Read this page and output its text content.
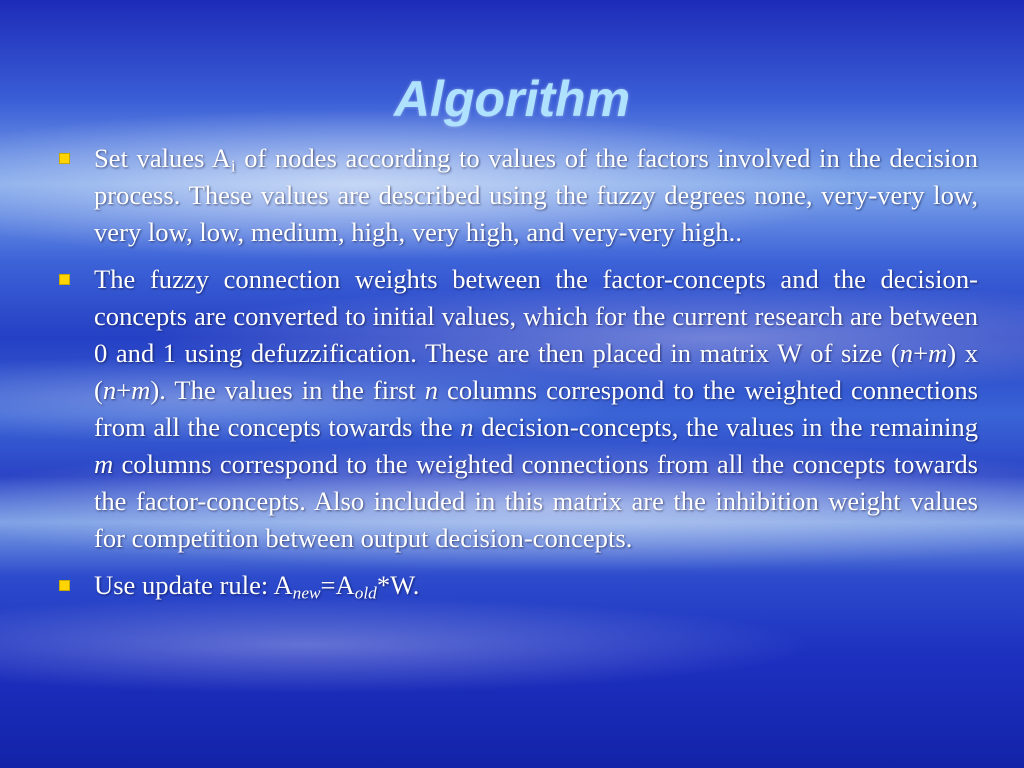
Algorithm
Set values $A_i$ of nodes according to values of the factors involved in the decision process. These values are described using the fuzzy degrees none, very-very low, very low, low, medium, high, very high, and very-very high..
The fuzzy connection weights between the factor-concepts and the decision-concepts are converted to initial values, which for the current research are between 0 and 1 using defuzzification. These are then placed in matrix W of size (n+m) x (n+m). The values in the first n columns correspond to the weighted connections from all the concepts towards the n decision-concepts, the values in the remaining m columns correspond to the weighted connections from all the concepts towards the factor-concepts. Also included in this matrix are the inhibition weight values for competition between output decision-concepts.
Use update rule: $A_{new}=A_{old}*W$.
